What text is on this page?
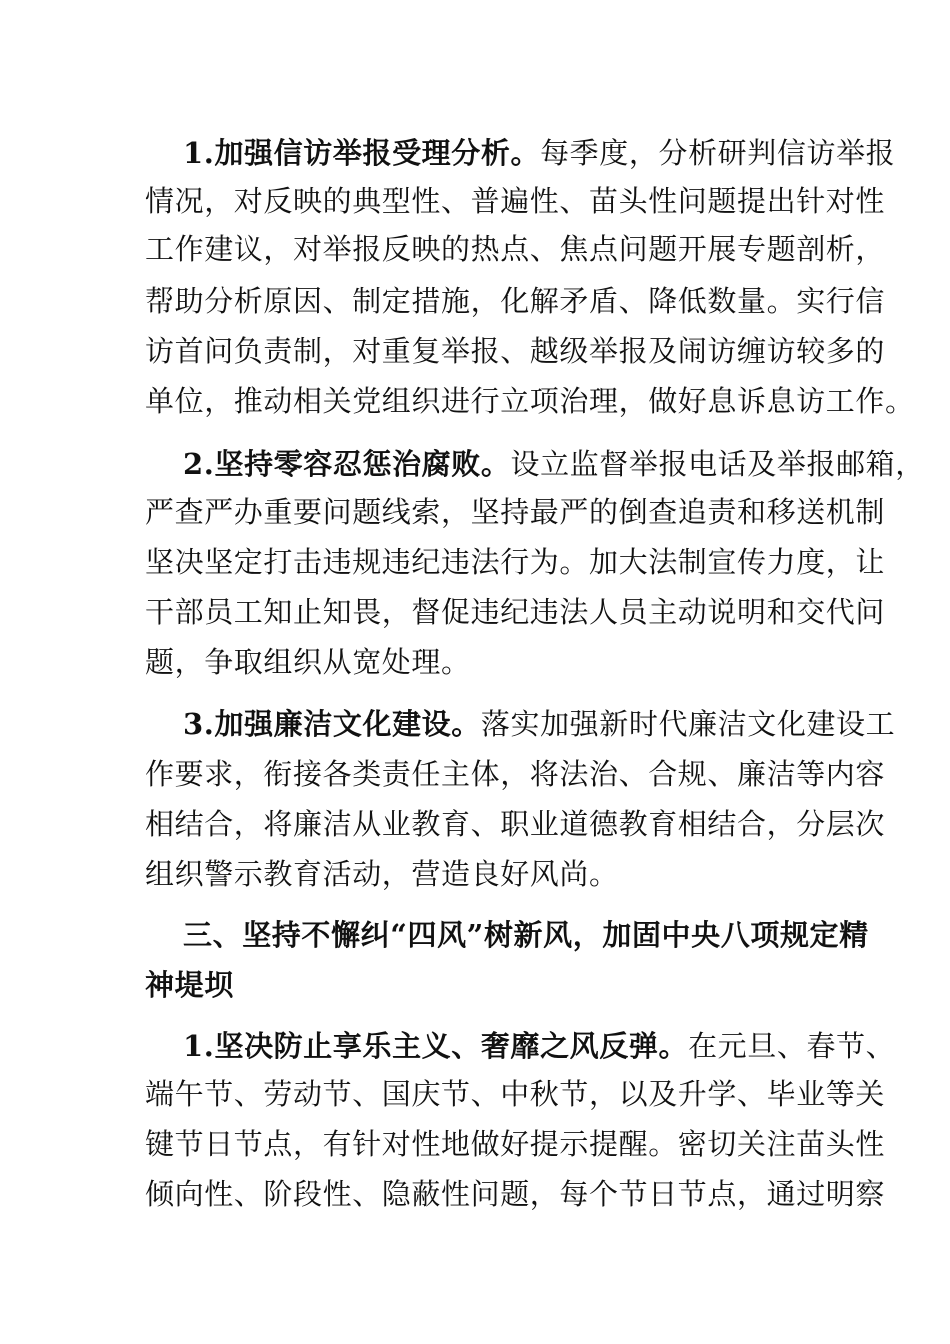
1.加强信访举报受理分析。每季度，分析研判信访举报

情况，对反映的典型性、普遍性、苗头性问题提出针对性

工作建议，对举报反映的热点、焦点问题开展专题剖析，

帮助分析原因、制定措施，化解矛盾、降低数量。实行信

访首问负责制，对重复举报、越级举报及闹访缠访较多的

单位，推动相关党组织进行立项治理，做好息诉息访工作。

2.坚持零容忍惩治腐败。设立监督举报电话及举报邮箱，

严查严办重要问题线索，坚持最严的倒查追责和移送机制

坚决坚定打击违规违纪违法行为。加大法制宣传力度，让

干部员工知止知畏，督促违纪违法人员主动说明和交代问

题，争取组织从宽处理。

3.加强廉洁文化建设。落实加强新时代廉洁文化建设工

作要求，衔接各类责任主体，将法治、合规、廉洁等内容

相结合，将廉洁从业教育、职业道德教育相结合，分层次

组织警示教育活动，营造良好风尚。

三、坚持不懈纠“四风”树新风，加固中央八项规定精

神堤坝

1.坚决防止享乐主义、奢靡之风反弹。在元旦、春节、

端午节、劳动节、国庆节、中秋节，以及升学、毕业等关

键节日节点，有针对性地做好提示提醒。密切关注苗头性

倾向性、阶段性、隐蔽性问题，每个节日节点，通过明察
